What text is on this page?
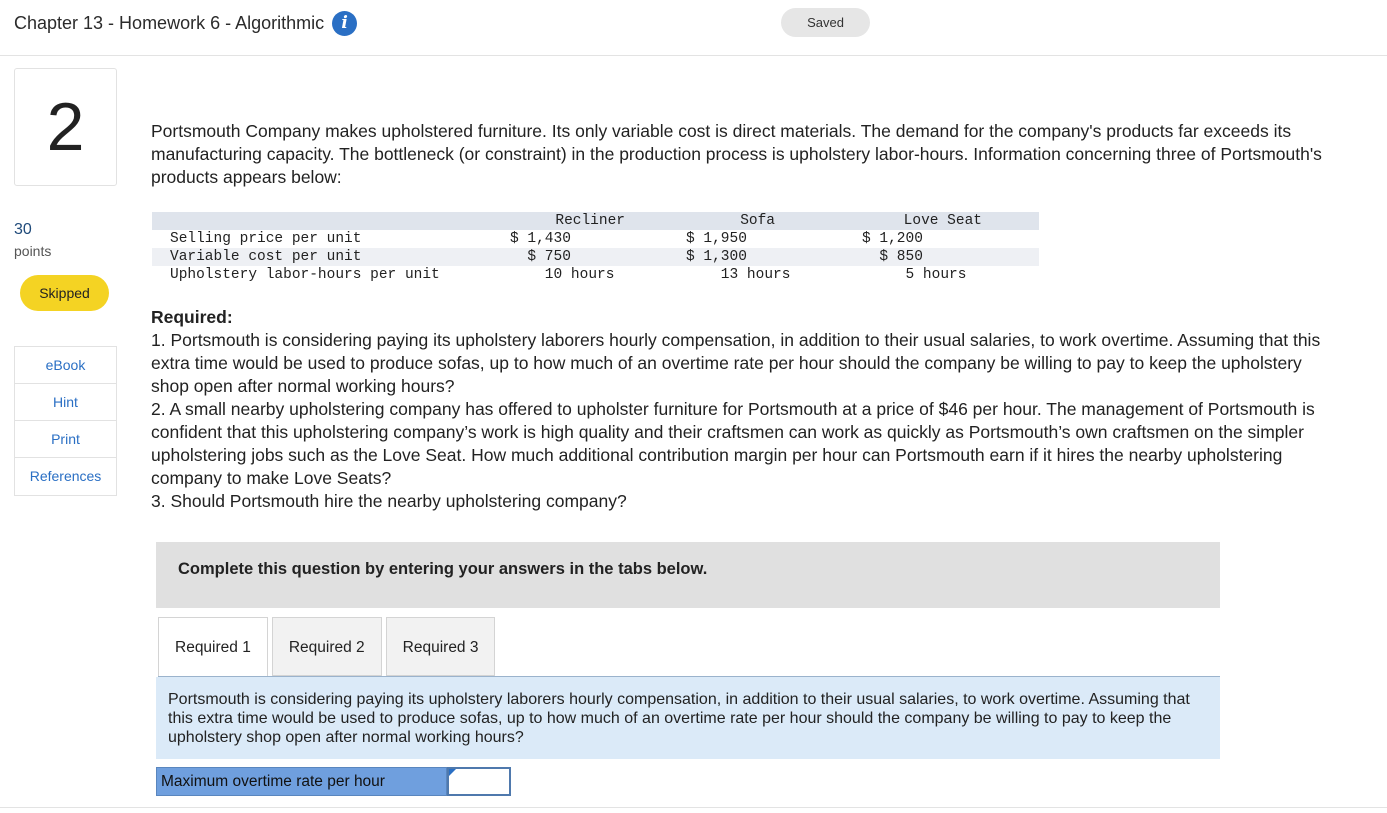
Chapter 13 - Homework 6 - Algorithmic	i	Saved
2
30
points
Skipped
eBook
Hint
Print
References
Portsmouth Company makes upholstered furniture. Its only variable cost is direct materials. The demand for the company's products far exceeds its manufacturing capacity. The bottleneck (or constraint) in the production process is upholstery labor-hours. Information concerning three of Portsmouth's products appears below:
	Recliner	Sofa	Love Seat
Selling price per unit	$ 1,430	$ 1,950	$ 1,200
Variable cost per unit	$ 750	$ 1,300	$ 850
Upholstery labor-hours per unit	10 hours	13 hours	5 hours
Required:
1. Portsmouth is considering paying its upholstery laborers hourly compensation, in addition to their usual salaries, to work overtime. Assuming that this extra time would be used to produce sofas, up to how much of an overtime rate per hour should the company be willing to pay to keep the upholstery shop open after normal working hours?
2. A small nearby upholstering company has offered to upholster furniture for Portsmouth at a price of $46 per hour. The management of Portsmouth is confident that this upholstering company’s work is high quality and their craftsmen can work as quickly as Portsmouth’s own craftsmen on the simpler upholstering jobs such as the Love Seat. How much additional contribution margin per hour can Portsmouth earn if it hires the nearby upholstering company to make Love Seats?
3. Should Portsmouth hire the nearby upholstering company?
Complete this question by entering your answers in the tabs below.
Required 1	Required 2	Required 3
Portsmouth is considering paying its upholstery laborers hourly compensation, in addition to their usual salaries, to work overtime. Assuming that this extra time would be used to produce sofas, up to how much of an overtime rate per hour should the company be willing to pay to keep the upholstery shop open after normal working hours?
Maximum overtime rate per hour
